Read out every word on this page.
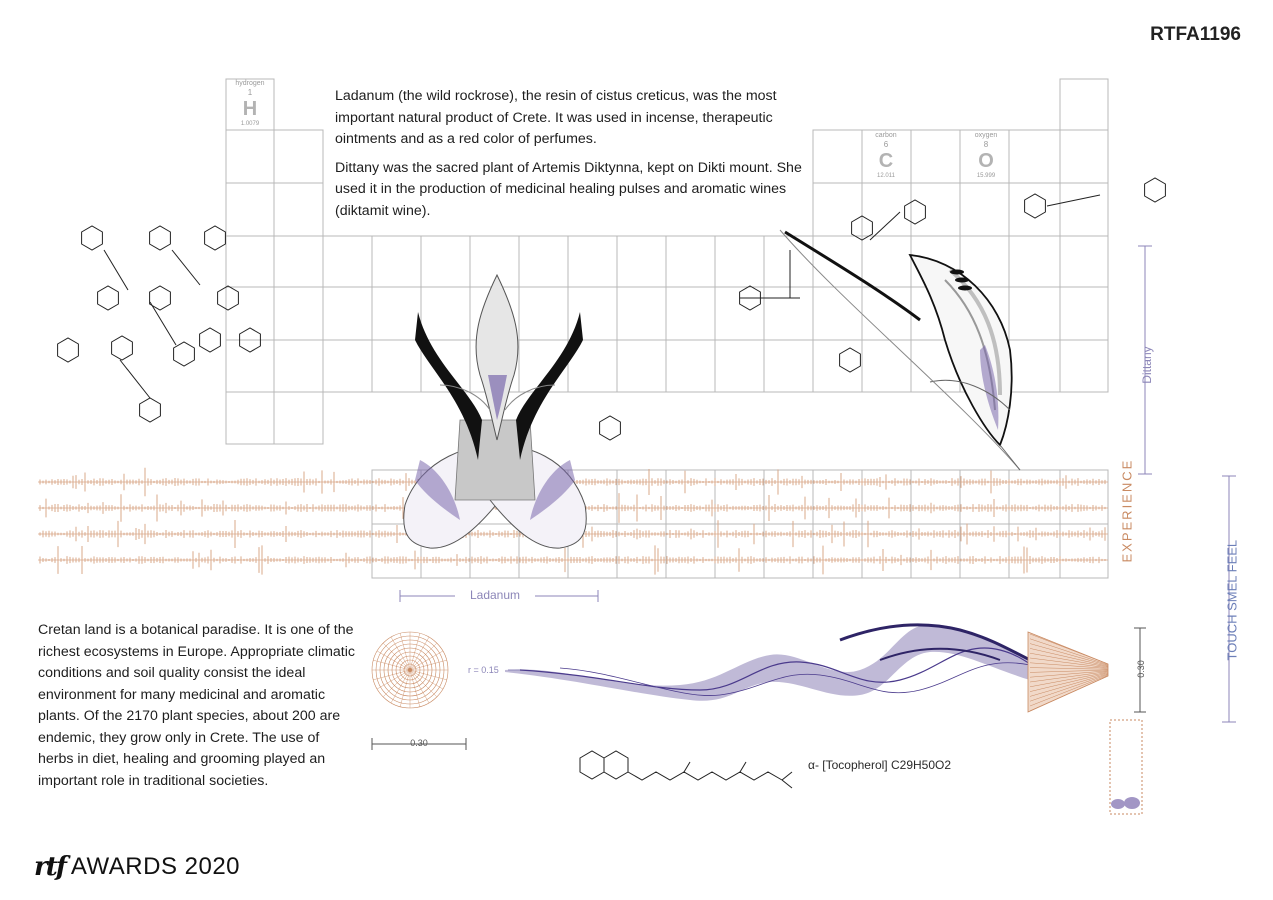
RTFA1196

Ladanum (the wild rockrose), the resin of cistus creticus, was the most important natural product of Crete. It was used in incense, therapeutic ointments and as a red color of perfumes.

Dittany was the sacred plant of Artemis Diktynna, kept on Dikti mount. She used it in the production of medicinal healing pulses and aromatic wines (diktamit wine).

Cretan land is a botanical paradise. It is one of the richest ecosystems in Europe. Appropriate climatic conditions and soil quality consist the ideal environment for many medicinal and aromatic plants. Of the 2170 plant species, about 200 are endemic, they grow only in Crete. The use of herbs in diet, healing and grooming played an important role in traditional societies.

hydrogen
1
H
1.0079
carbon
6
C
12.011
oxygen
8
O
15.999
Dittany
EXPERIENCE
TOUCH SMEL FEEL
Ladanum
r = 0.15
0.30
0.30
α- [Tocopherol] C29H50O2
rtf AWARDS 2020
